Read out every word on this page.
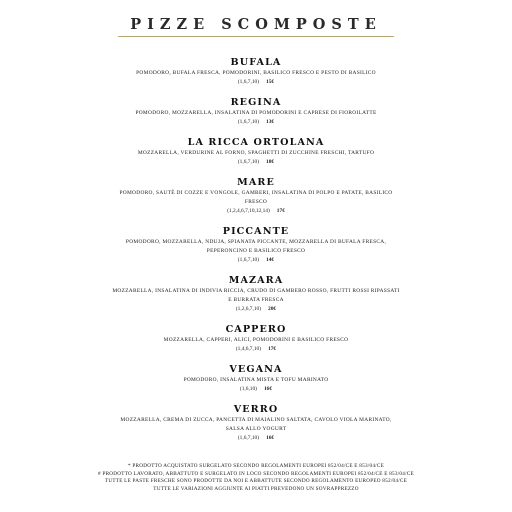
PIZZE SCOMPOSTE
BUFALA
POMODORO, BUFALA FRESCA, POMODORINI, BASILICO FRESCO E PESTO DI BASILICO
(1,6,7,10) 15€
REGINA
POMODORO, MOZZARELLA, INSALATINA DI POMODORINI E CAPRESE DI FIOROILATTE
(1,6,7,10) 13€
LA RICCA ORTOLANA
MOZZARELLA, VERDURINE AL FORNO, SPAGHETTI DI ZUCCHINE FRESCHI, TARTUFO
(1,6,7,10) 18€
MARE
POMODORO, SAUTÈ DI COZZE E VONGOLE, GAMBERI, INSALATINA DI POLPO E PATATE, BASILICO FRESCO
(1,2,4,6,7,10,12,14) 17€
PICCANTE
POMODORO, MOZZARELLA, NDUJA, SPIANATA PICCANTE, MOZZARELLA DI BUFALA FRESCA, PEPERONCINO E BASILICO FRESCO
(1,6,7,10) 14€
MAZARA
MOZZARELLA, INSALATINA DI INDIVIA RICCIA, CRUDO DI GAMBERO ROSSO, FRUTTI ROSSI RIPASSATI E BURRATA FRESCA
(1,2,6,7,10) 20€
CAPPERO
MOZZARELLA, CAPPERI, ALICI, POMODORINI E BASILICO FRESCO
(1,4,6,7,10) 17€
VEGANA
POMODORO, INSALATINA MISTA E TOFU MARINATO
(1,6,10) 16€
VERRO
MOZZARELLA, CREMA DI ZUCCA, PANCETTA DI MAIALINO SALTATA, CAVOLO VIOLA MARINATO, SALSA ALLO YOGURT
(1,6,7,10) 16€
* PRODOTTO ACQUISTATO SURGELATO SECONDO REGOLAMENTI EUROPEI 852/04/CE E 853/04/CE
# PRODOTTO LAVORATO, ABBATTUTO E SURGELATO IN LOCO SECONDO REGOLAMENTI EUROPEI 852/04/CE E 853/04/CE
TUTTE LE PASTE FRESCHE SONO PRODOTTE DA NOI E ABBATTUTE SECONDO REGOLAMENTO EUROPEO 852/04/CE
TUTTE LE VARIAZIONI AGGIUNTE AI PIATTI PREVEDONO UN SOVRAPPREZZO
